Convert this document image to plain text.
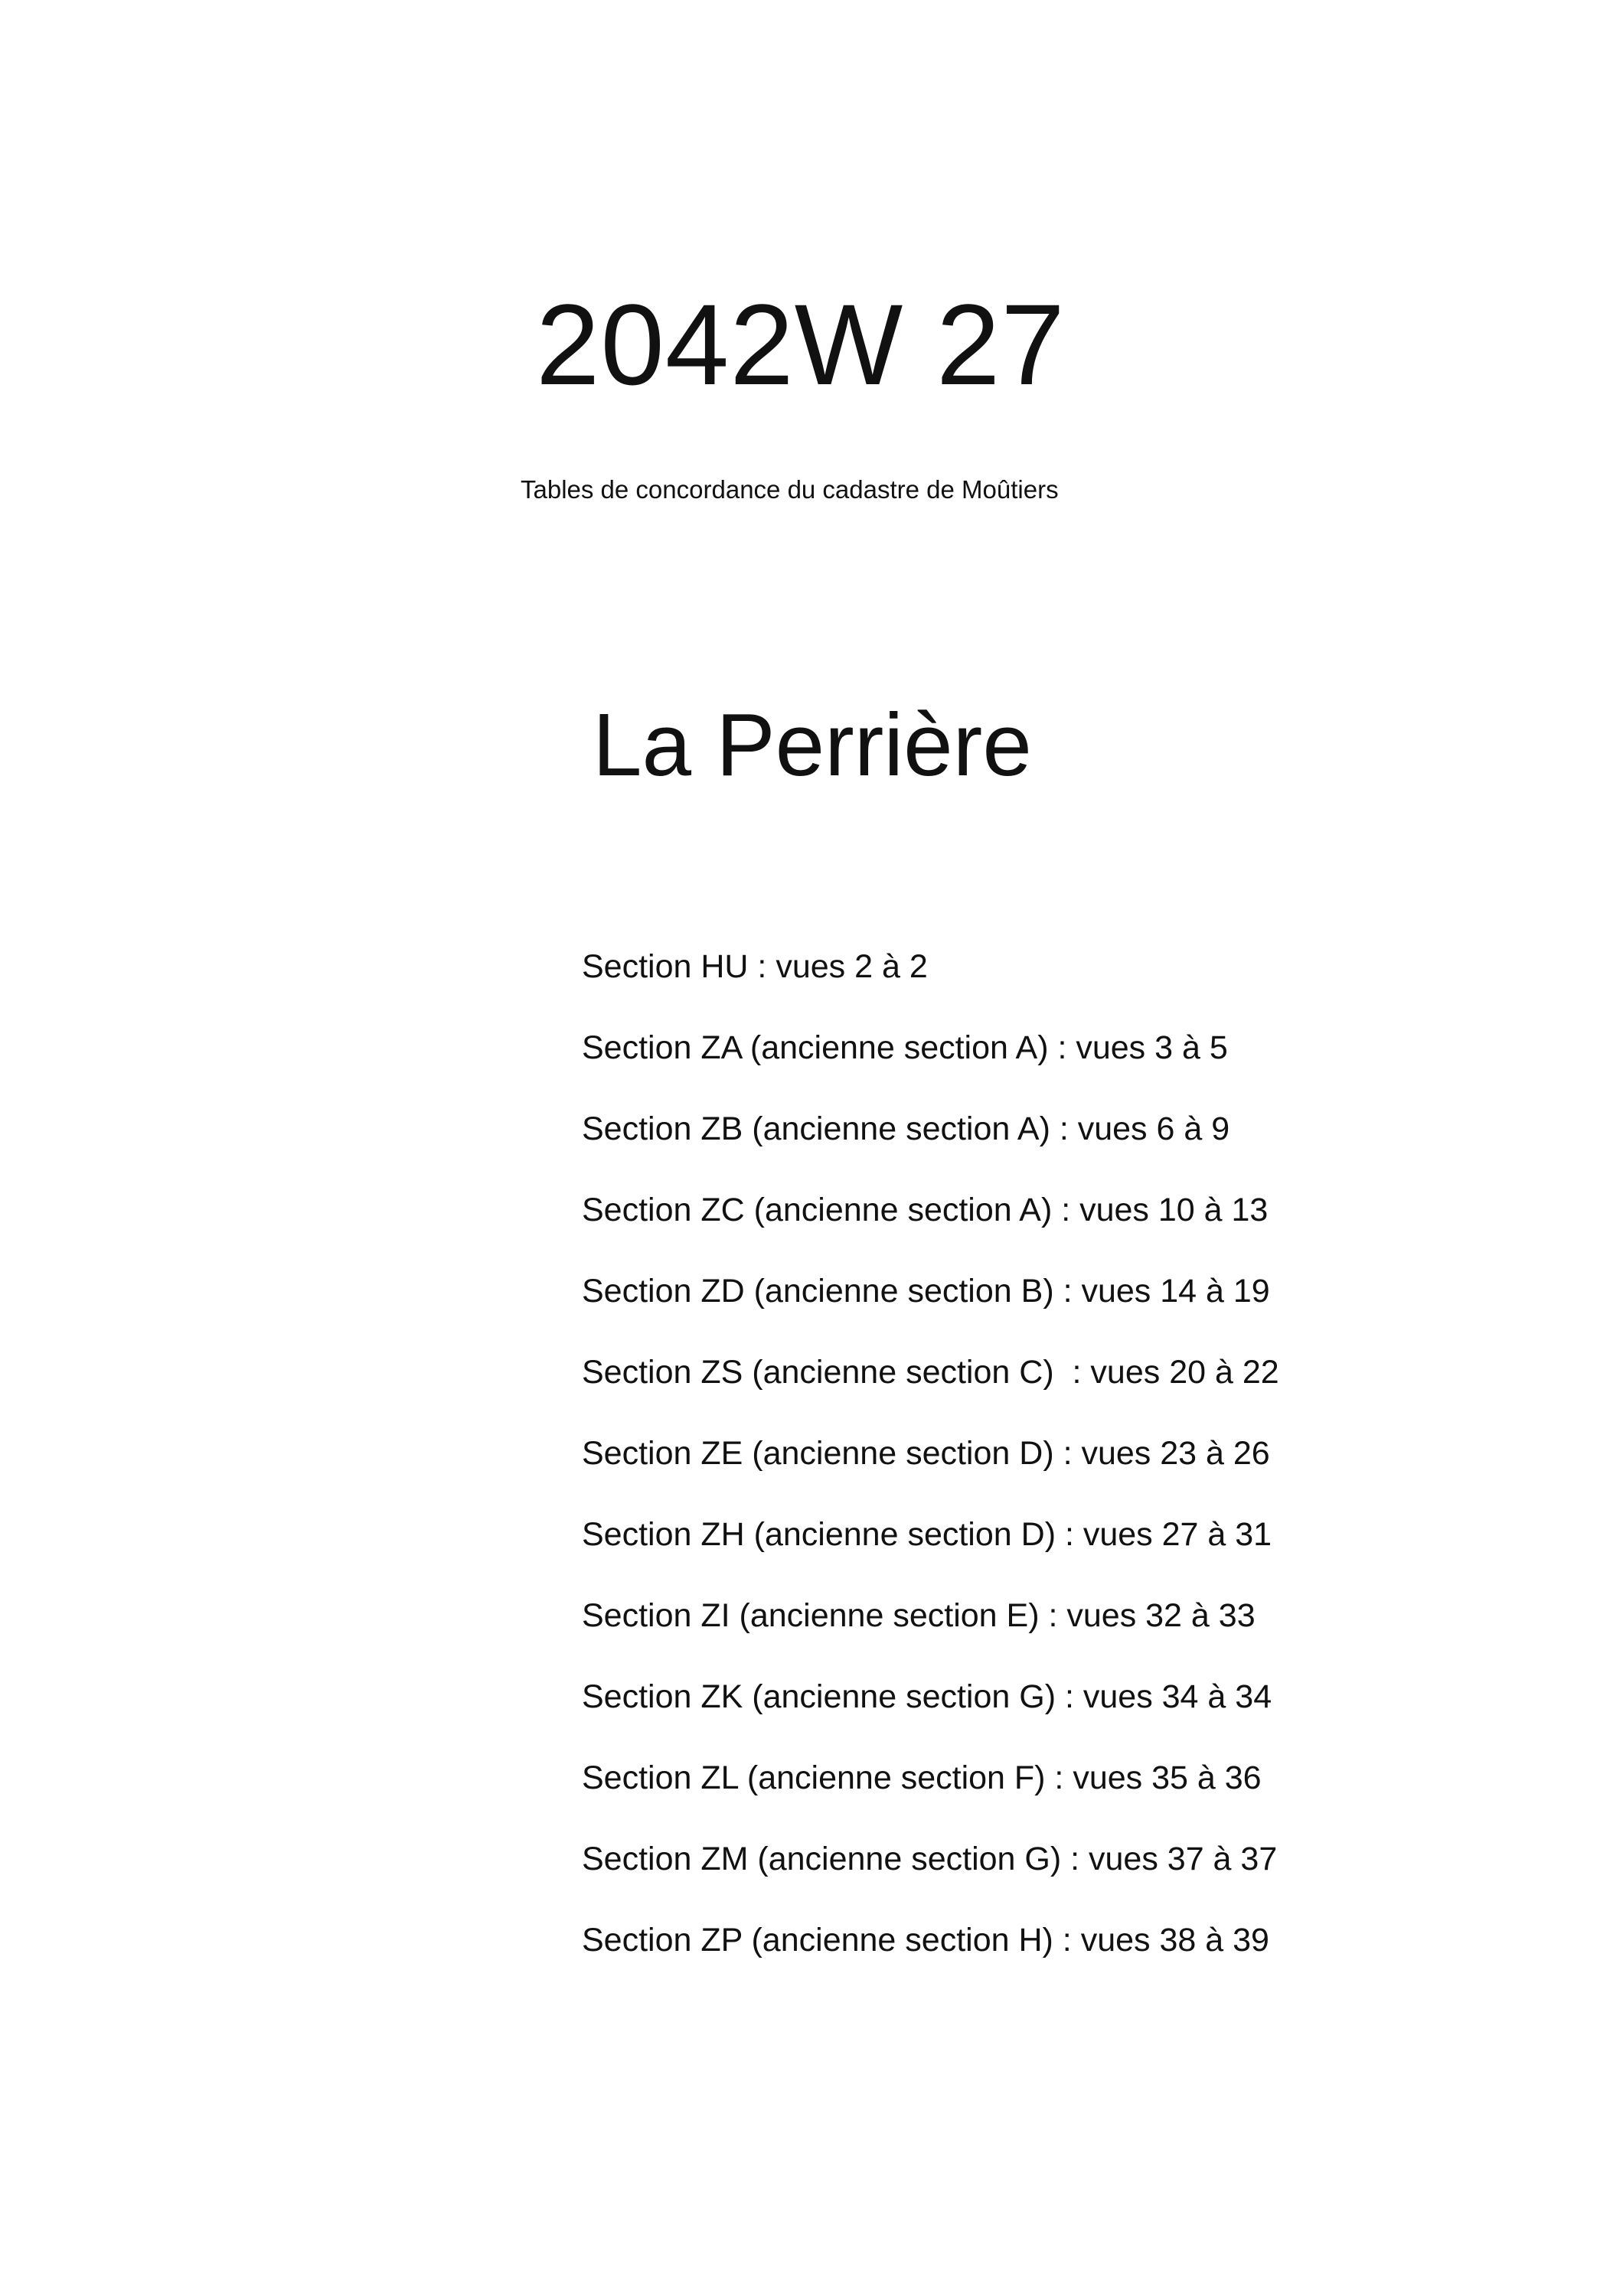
2042W 27
Tables de concordance du cadastre de Moûtiers
La Perrière
Section HU : vues 2 à 2
Section ZA (ancienne section A) : vues 3 à 5
Section ZB (ancienne section A) : vues 6 à 9
Section ZC (ancienne section A) : vues 10 à 13
Section ZD (ancienne section B) : vues 14 à 19
Section ZS (ancienne section C)  : vues 20 à 22
Section ZE (ancienne section D) : vues 23 à 26
Section ZH (ancienne section D) : vues 27 à 31
Section ZI (ancienne section E) : vues 32 à 33
Section ZK (ancienne section G) : vues 34 à 34
Section ZL (ancienne section F) : vues 35 à 36
Section ZM (ancienne section G) : vues 37 à 37
Section ZP (ancienne section H) : vues 38 à 39
